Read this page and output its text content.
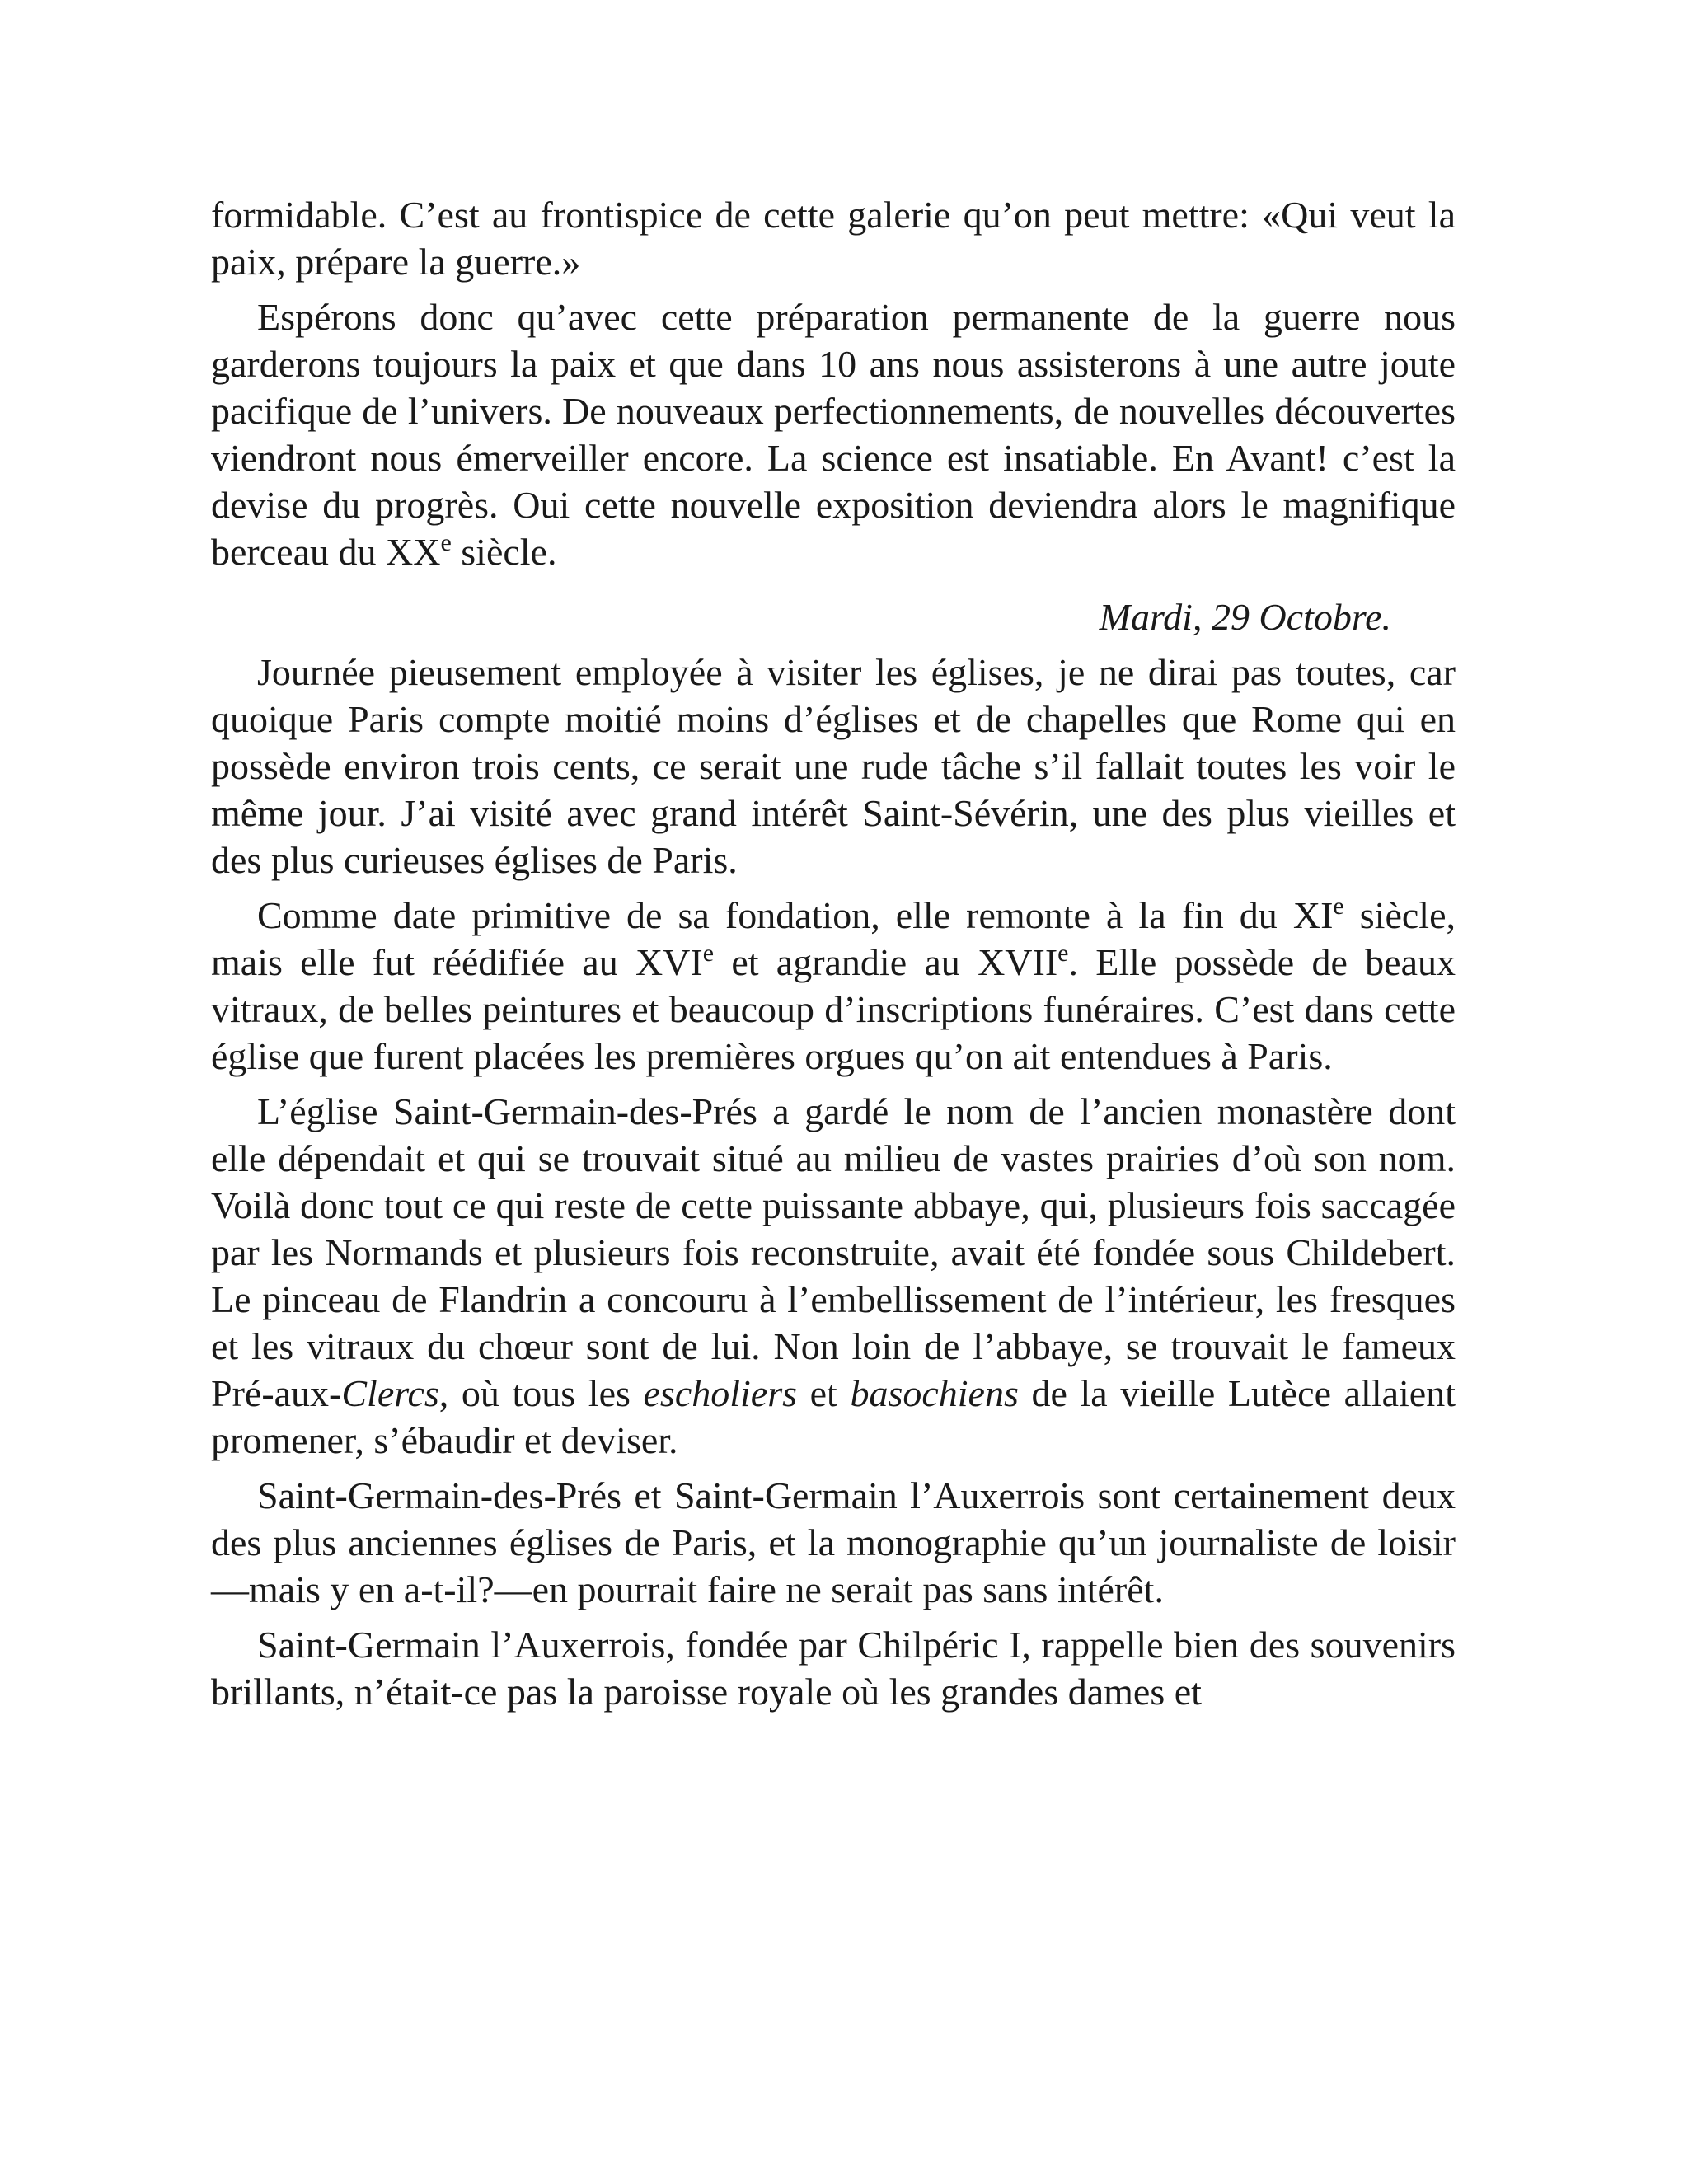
formidable. C’est au frontispice de cette galerie qu’on peut mettre: «Qui veut la paix, prépare la guerre.»

Espérons donc qu’avec cette préparation permanente de la guerre nous garderons toujours la paix et que dans 10 ans nous assisterons à une autre joute pacifique de l’univers. De nouveaux perfectionnements, de nouvelles découvertes viendront nous émerveiller encore. La science est insatiable. En Avant! c’est la devise du progrès. Oui cette nouvelle exposition deviendra alors le magnifique berceau du XXe siècle.

Mardi, 29 Octobre.

Journée pieusement employée à visiter les églises, je ne dirai pas toutes, car quoique Paris compte moitié moins d’églises et de chapelles que Rome qui en possède environ trois cents, ce serait une rude tâche s’il fallait toutes les voir le même jour. J’ai visité avec grand intérêt Saint-Sévérin, une des plus vieilles et des plus curieuses églises de Paris.

Comme date primitive de sa fondation, elle remonte à la fin du XIe siècle, mais elle fut réédifiée au XVIe et agrandie au XVIIe. Elle possède de beaux vitraux, de belles peintures et beaucoup d’inscriptions funéraires. C’est dans cette église que furent placées les premières orgues qu’on ait entendues à Paris.

L’église Saint-Germain-des-Prés a gardé le nom de l’ancien monastère dont elle dépendait et qui se trouvait situé au milieu de vastes prairies d’où son nom. Voilà donc tout ce qui reste de cette puissante abbaye, qui, plusieurs fois saccagée par les Normands et plusieurs fois reconstruite, avait été fondée sous Childebert. Le pinceau de Flandrin a concouru à l’embellissement de l’intérieur, les fresques et les vitraux du chœur sont de lui. Non loin de l’abbaye, se trouvait le fameux Pré-aux-Clercs, où tous les escholiers et basochiens de la vieille Lutèce allaient promener, s’ébaudir et deviser.

Saint-Germain-des-Prés et Saint-Germain l’Auxerrois sont certainement deux des plus anciennes églises de Paris, et la monographie qu’un journaliste de loisir—mais y en a-t-il?—en pourrait faire ne serait pas sans intérêt.

Saint-Germain l’Auxerrois, fondée par Chilpéric I, rappelle bien des souvenirs brillants, n’était-ce pas la paroisse royale où les grandes dames et
